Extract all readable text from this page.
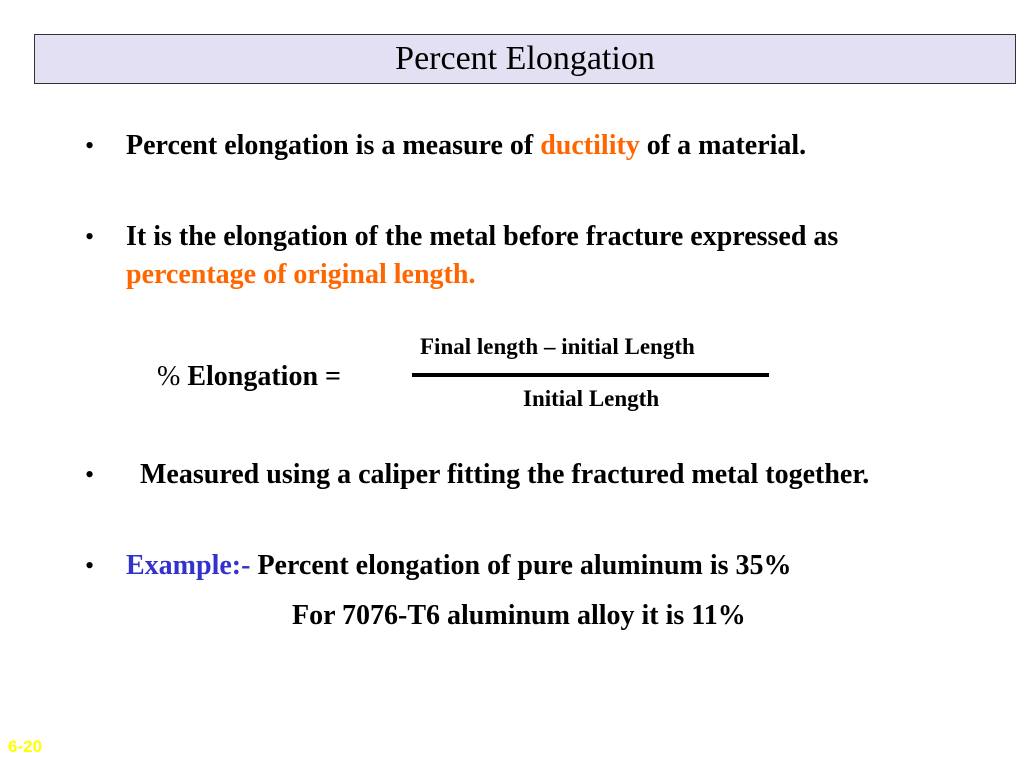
Percent Elongation
•	Percent elongation is a measure of ductility of a material.
•	It is the elongation of the metal before fracture expressed as percentage of original length.
% Elongation =
Final length – initial Length
Initial Length
•	Measured using a caliper fitting the fractured metal together.
•	Example:- Percent elongation of pure aluminum is 35%
For 7076-T6 aluminum alloy it is 11%
6-20
